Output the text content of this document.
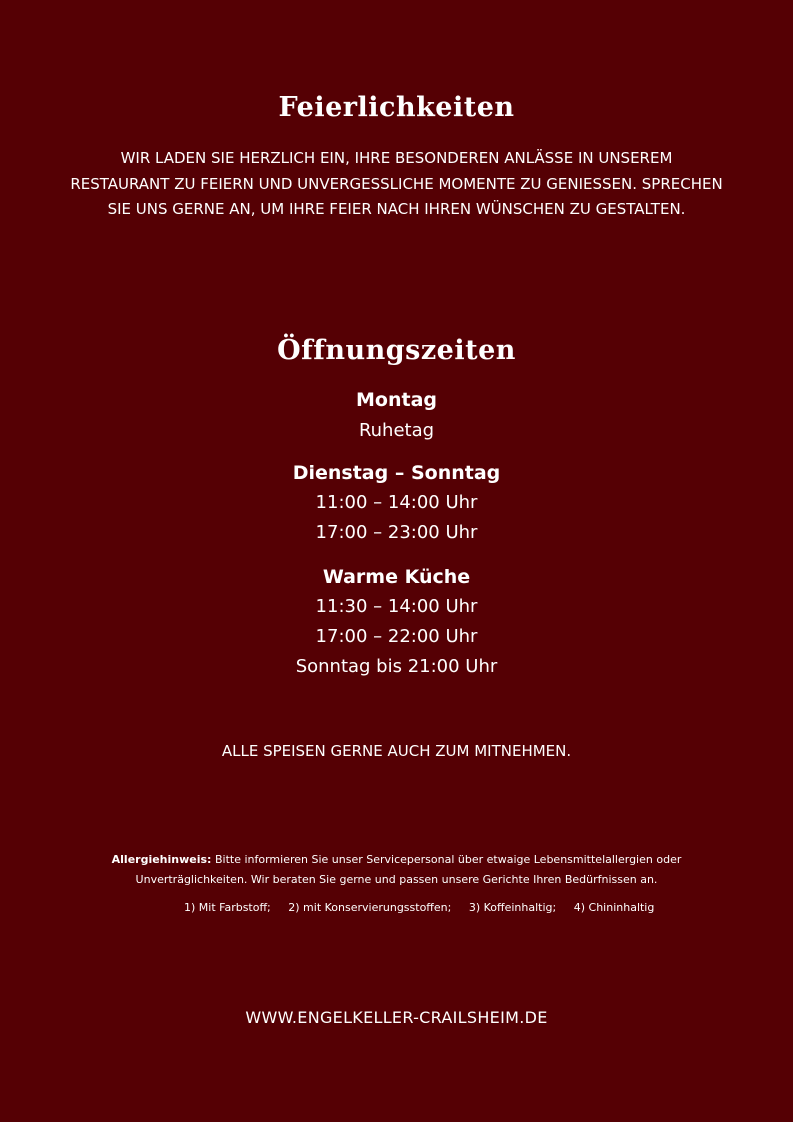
Feierlichkeiten
WIR LADEN SIE HERZLICH EIN, IHRE BESONDEREN ANLÄSSE IN UNSEREM RESTAURANT ZU FEIERN UND UNVERGESSLICHE MOMENTE ZU GENIESSEN. SPRECHEN SIE UNS GERNE AN, UM IHRE FEIER NACH IHREN WÜNSCHEN ZU GESTALTEN.
Öffnungszeiten
Montag
Ruhetag
Dienstag – Sonntag
11:00 – 14:00 Uhr
17:00 – 23:00 Uhr
Warme Küche
11:30 – 14:00 Uhr
17:00 – 22:00 Uhr
Sonntag bis 21:00 Uhr
ALLE SPEISEN GERNE AUCH ZUM MITNEHMEN.
Allergiehinweis: Bitte informieren Sie unser Servicepersonal über etwaige Lebensmittelallergien oder Unverträglichkeiten. Wir beraten Sie gerne und passen unsere Gerichte Ihren Bedürfnissen an.
1) Mit Farbstoff; 2) mit Konservierungsstoffen; 3) Koffeinhaltig; 4) Chininhaltig
WWW.ENGELKELLER-CRAILSHEIM.DE
